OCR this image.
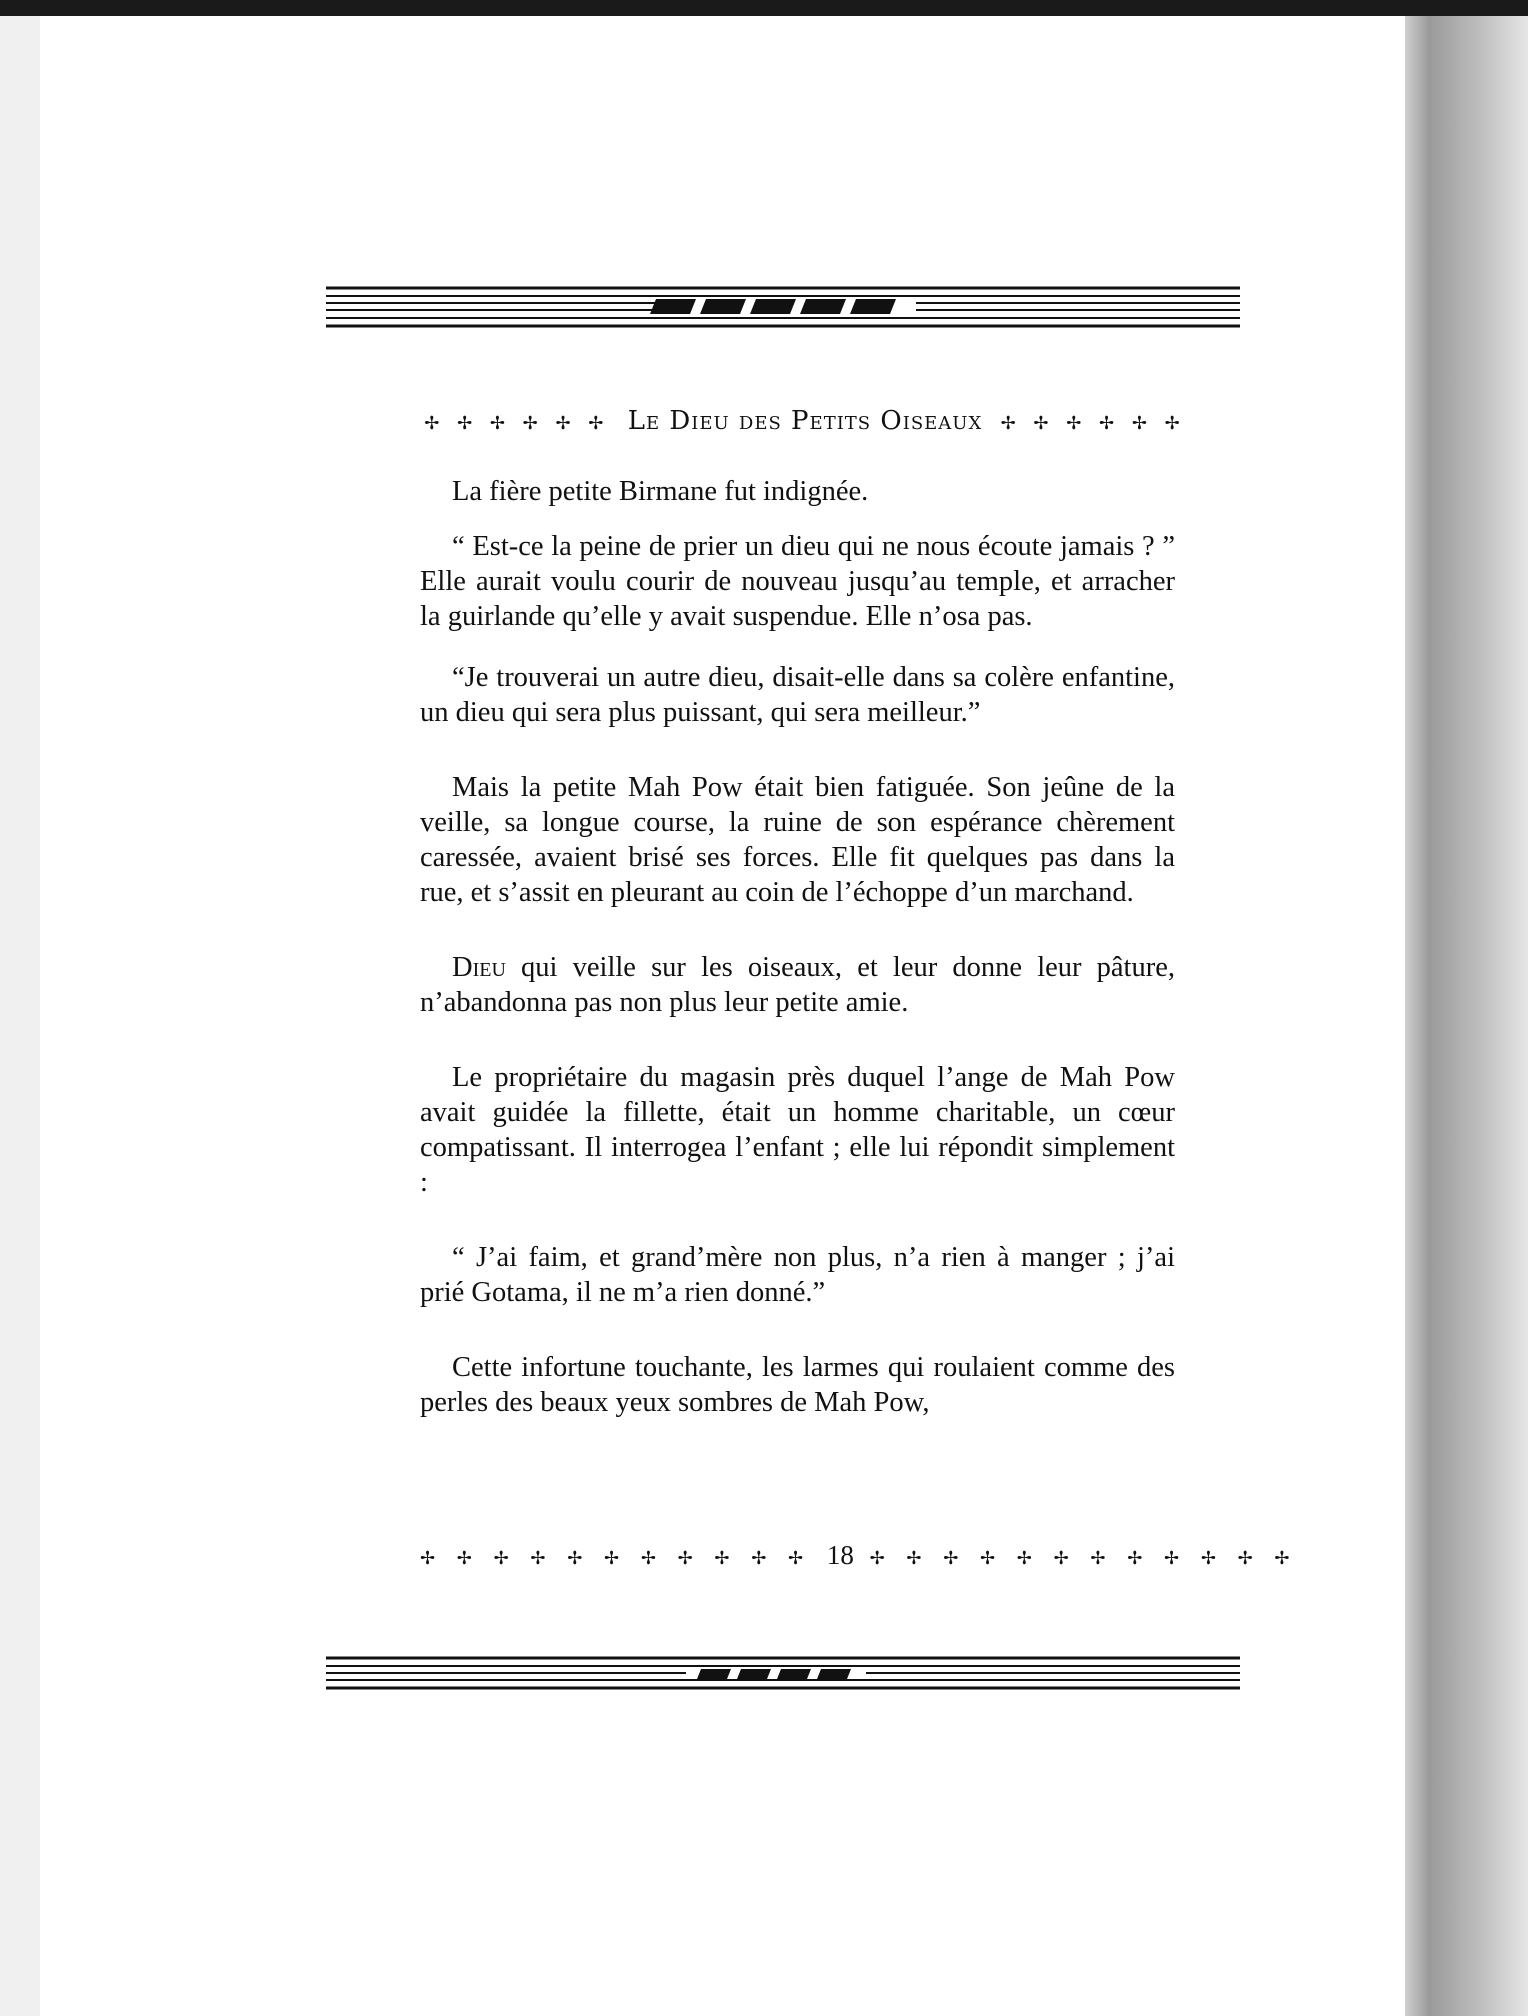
✢ ✢ ✢ ✢ ✢ ✢ Le Dieu des Petits Oiseaux ✢ ✢ ✢ ✢ ✢ ✢

La fière petite Birmane fut indignée.

“ Est-ce la peine de prier un dieu qui ne nous écoute jamais ? ” Elle aurait voulu courir de nouveau jusqu’au temple, et arracher la guirlande qu’elle y avait suspendue. Elle n’osa pas.

“Je trouverai un autre dieu, disait-elle dans sa colère enfantine, un dieu qui sera plus puissant, qui sera meilleur.”

Mais la petite Mah Pow était bien fatiguée. Son jeûne de la veille, sa longue course, la ruine de son espérance chèrement caressée, avaient brisé ses forces. Elle fit quelques pas dans la rue, et s’assit en pleurant au coin de l’échoppe d’un marchand.

Dieu qui veille sur les oiseaux, et leur donne leur pâture, n’abandonna pas non plus leur petite amie.

Le propriétaire du magasin près duquel l’ange de Mah Pow avait guidée la fillette, était un homme charitable, un cœur compatissant. Il interrogea l’enfant ; elle lui répondit simplement :

“ J’ai faim, et grand’mère non plus, n’a rien à manger ; j’ai prié Gotama, il ne m’a rien donné.”

Cette infortune touchante, les larmes qui roulaient comme des perles des beaux yeux sombres de Mah Pow,

✢ ✢ ✢ ✢ ✢ ✢ ✢ ✢ ✢ ✢ ✢ 18 ✢ ✢ ✢ ✢ ✢ ✢ ✢ ✢ ✢ ✢ ✢ ✢
